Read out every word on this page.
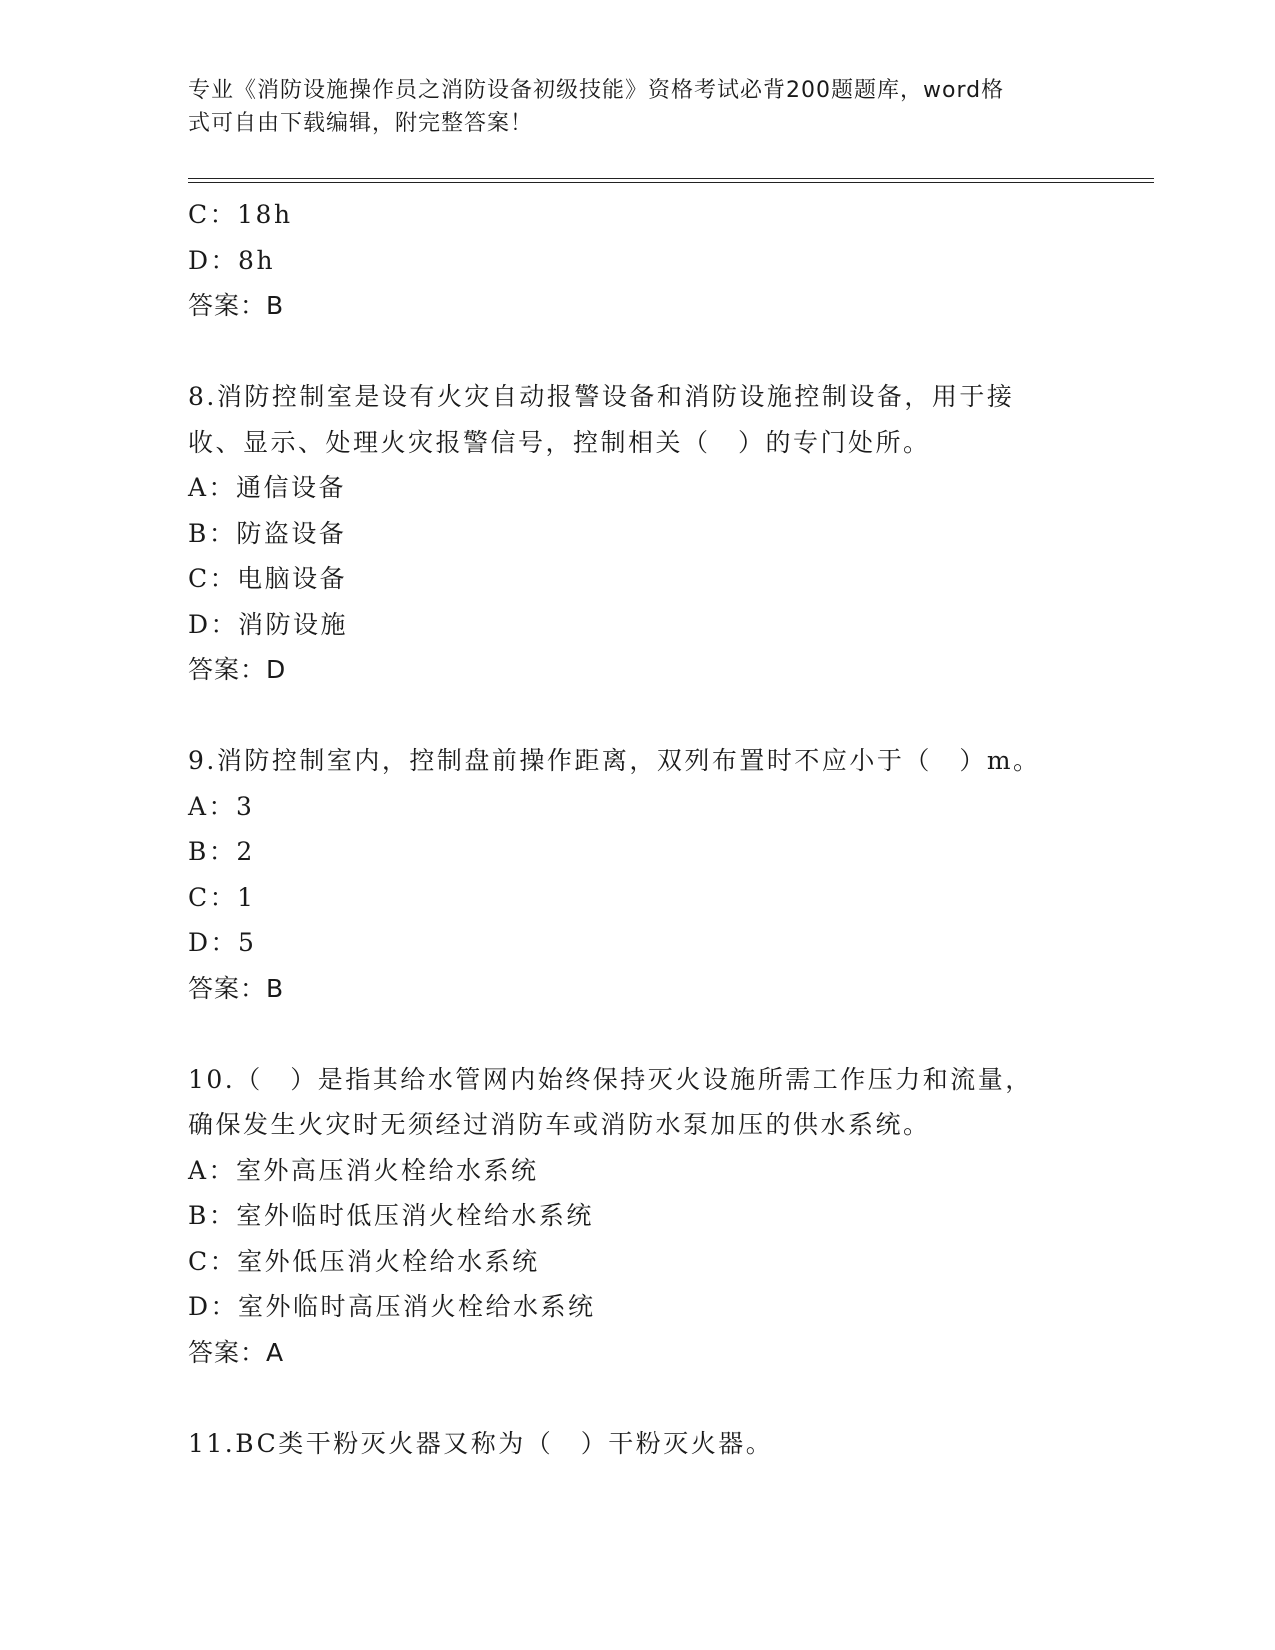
专业《消防设施操作员之消防设备初级技能》资格考试必背200题题库，word格
式可自由下载编辑，附完整答案！
C：18h
D：8h
答案：B
8.消防控制室是设有火灾自动报警设备和消防设施控制设备，用于接
收、显示、处理火灾报警信号，控制相关（　）的专门处所。
A：通信设备
B：防盗设备
C：电脑设备
D：消防设施
答案：D
9.消防控制室内，控制盘前操作距离，双列布置时不应小于（　）m。
A：3
B：2
C：1
D：5
答案：B
10.（　）是指其给水管网内始终保持灭火设施所需工作压力和流量，
确保发生火灾时无须经过消防车或消防水泵加压的供水系统。
A：室外高压消火栓给水系统
B：室外临时低压消火栓给水系统
C：室外低压消火栓给水系统
D：室外临时高压消火栓给水系统
答案：A
11.BC类干粉灭火器又称为（　）干粉灭火器。
